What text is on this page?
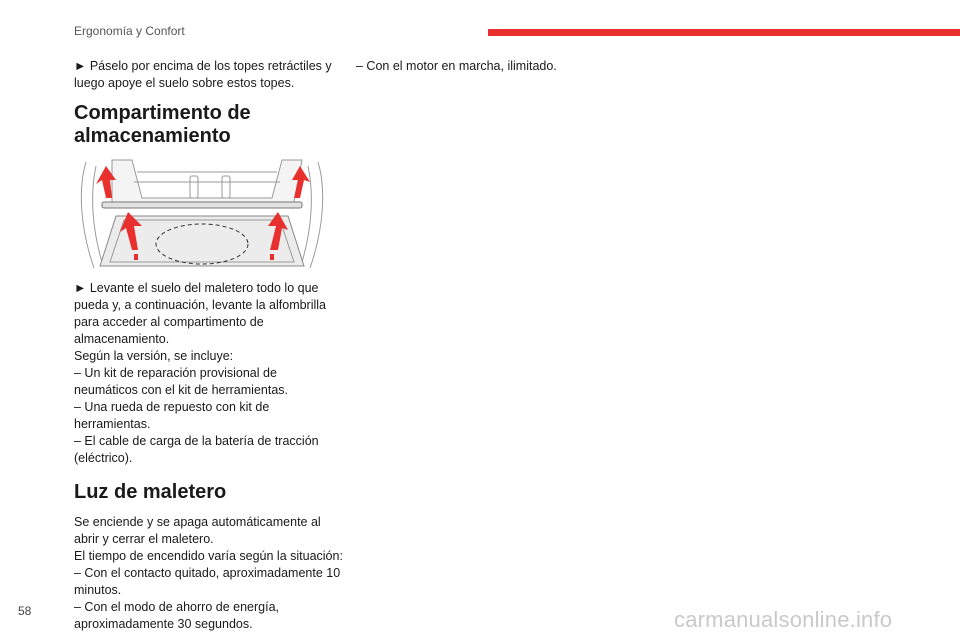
Ergonomía y Confort

► Páselo por encima de los topes retráctiles y luego apoye el suelo sobre estos topes.

Compartimento de almacenamiento

► Levante el suelo del maletero todo lo que pueda y, a continuación, levante la alfombrilla para acceder al compartimento de almacenamiento.

Según la versión, se incluye:

– Un kit de reparación provisional de neumáticos con el kit de herramientas.

– Una rueda de repuesto con kit de herramientas.

– El cable de carga de la batería de tracción (eléctrico).

Luz de maletero

Se enciende y se apaga automáticamente al abrir y cerrar el maletero.

El tiempo de encendido varía según la situación:

– Con el contacto quitado, aproximadamente 10 minutos.

– Con el modo de ahorro de energía, aproximadamente 30 segundos.

– Con el motor en marcha, ilimitado.

58	carmanualsonline.info
